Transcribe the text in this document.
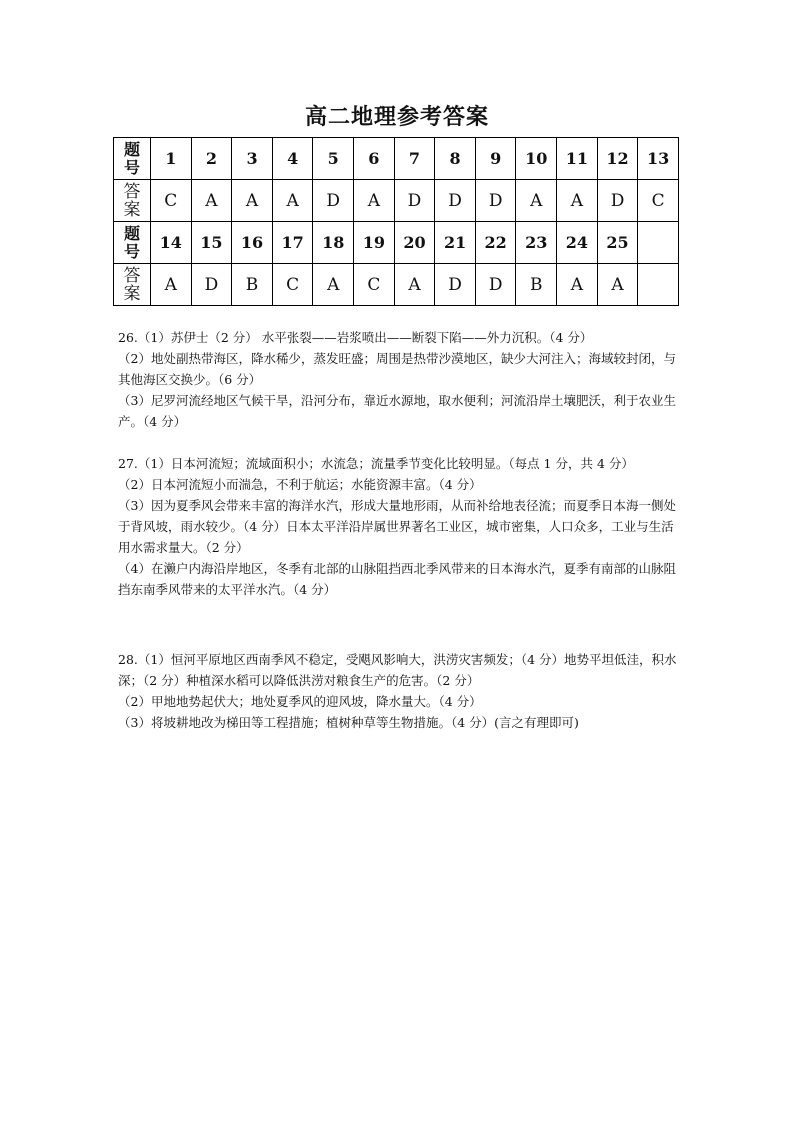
高二地理参考答案
题
号	1	2	3	4	5	6	7	8	9	10	11	12	13

答
案	C	A	A	A	D	A	D	D	D	A	A	D	C

题
号	14	15	16	17	18	19	20	21	22	23	24	25	

答
案	A	D	B	C	A	C	A	D	D	B	A	A	

26.（1）苏伊士（2 分） 水平张裂——岩浆喷出——断裂下陷——外力沉积。（4 分）

（2）地处副热带海区，降水稀少，蒸发旺盛；周围是热带沙漠地区，缺少大河注入；海域较封闭，与其他海区交换少。（6 分）

（3）尼罗河流经地区气候干旱，沿河分布，靠近水源地，取水便利；河流沿岸土壤肥沃，利于农业生产。（4 分）

27.（1）日本河流短；流域面积小；水流急；流量季节变化比较明显。（每点 1 分，共 4 分）

（2）日本河流短小而湍急，不利于航运；水能资源丰富。（4 分）

（3）因为夏季风会带来丰富的海洋水汽，形成大量地形雨，从而补给地表径流；而夏季日本海一侧处于背风坡，雨水较少。（4 分）日本太平洋沿岸属世界著名工业区，城市密集，人口众多，工业与生活用水需求量大。（2 分）

（4）在濑户内海沿岸地区，冬季有北部的山脉阻挡西北季风带来的日本海水汽，夏季有南部的山脉阻挡东南季风带来的太平洋水汽。（4 分）

28.（1）恒河平原地区西南季风不稳定，受飓风影响大，洪涝灾害频发；（4 分）地势平坦低洼，积水深；（2 分）种植深水稻可以降低洪涝对粮食生产的危害。（2 分）

（2）甲地地势起伏大；地处夏季风的迎风坡，降水量大。（4 分）

（3）将坡耕地改为梯田等工程措施；植树种草等生物措施。（4 分）(言之有理即可)
